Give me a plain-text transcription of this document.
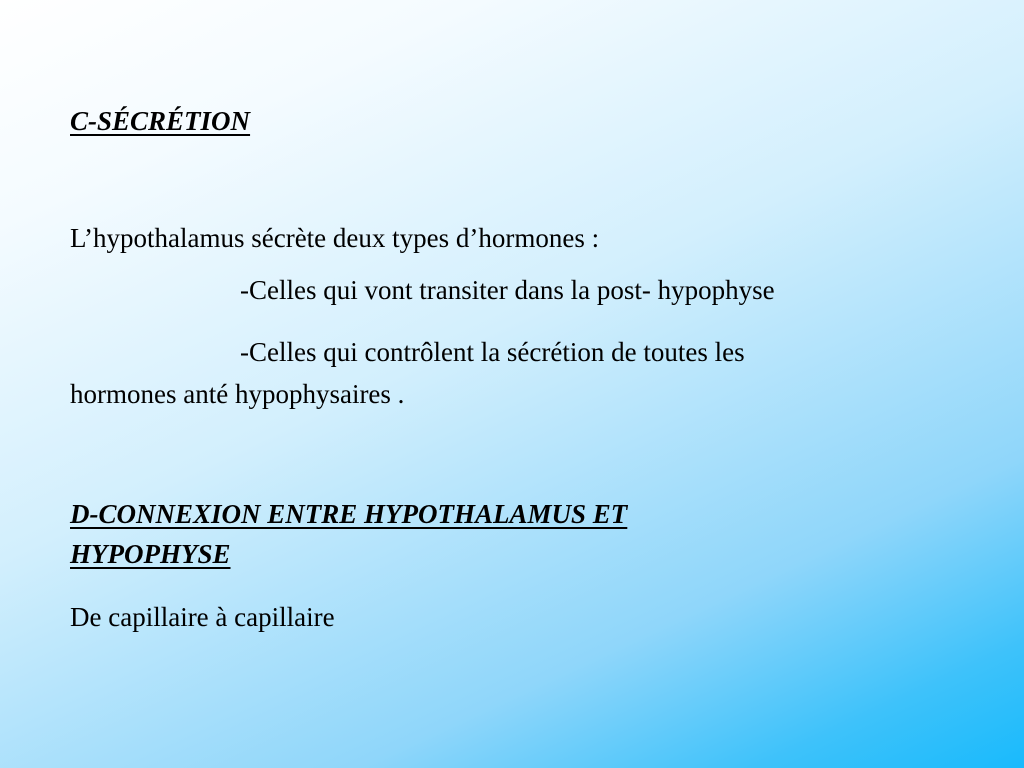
C-SÉCRÉTION

L’hypothalamus sécrète deux types d’hormones :

-Celles qui vont transiter dans la post- hypophyse

-Celles qui contrôlent la sécrétion de toutes les

hormones anté hypophysaires .

D-CONNEXION ENTRE HYPOTHALAMUS ET
HYPOPHYSE

De capillaire à capillaire
